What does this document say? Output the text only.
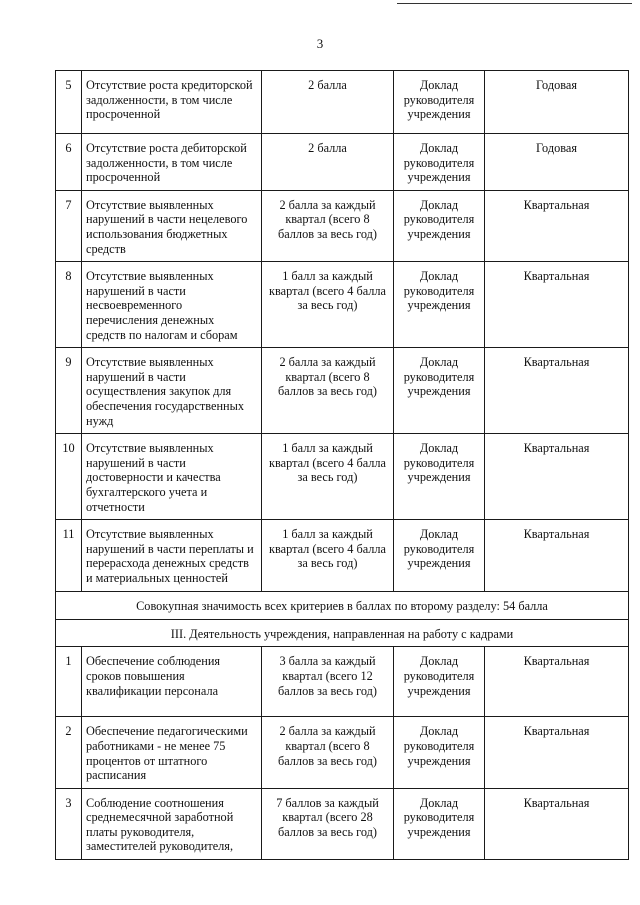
3
5	Отсутствие роста кредиторской задолженности, в том числе просроченной	2 балла	Доклад руководителя учреждения	Годовая
6	Отсутствие роста дебиторской задолженности, в том числе просроченной	2 балла	Доклад руководителя учреждения	Годовая
7	Отсутствие выявленных нарушений в части нецелевого использования бюджетных средств	2 балла за каждый квартал (всего 8 баллов за весь год)	Доклад руководителя учреждения	Квартальная
8	Отсутствие выявленных нарушений в части несвоевременного перечисления денежных средств по налогам и сборам	1 балл за каждый квартал (всего 4 балла за весь год)	Доклад руководителя учреждения	Квартальная
9	Отсутствие выявленных нарушений в части осуществления закупок для обеспечения государственных нужд	2 балла за каждый квартал (всего 8 баллов за весь год)	Доклад руководителя учреждения	Квартальная
10	Отсутствие выявленных нарушений в части достоверности и качества бухгалтерского учета и отчетности	1 балл за каждый квартал (всего 4 балла за весь год)	Доклад руководителя учреждения	Квартальная
11	Отсутствие выявленных нарушений в части переплаты и перерасхода денежных средств и материальных ценностей	1 балл за каждый квартал (всего 4 балла за весь год)	Доклад руководителя учреждения	Квартальная
Совокупная значимость всех критериев в баллах по второму разделу: 54 балла				
III. Деятельность учреждения, направленная на работу с кадрами				
1	Обеспечение соблюдения сроков повышения квалификации персонала	3 балла за каждый квартал (всего 12 баллов за весь год)	Доклад руководителя учреждения	Квартальная
2	Обеспечение педагогическими работниками - не менее 75 процентов от штатного расписания	2 балла за каждый квартал (всего 8 баллов за весь год)	Доклад руководителя учреждения	Квартальная
3	Соблюдение соотношения среднемесячной заработной платы руководителя, заместителей руководителя,	7 баллов за каждый квартал (всего 28 баллов за весь год)	Доклад руководителя учреждения	Квартальная
